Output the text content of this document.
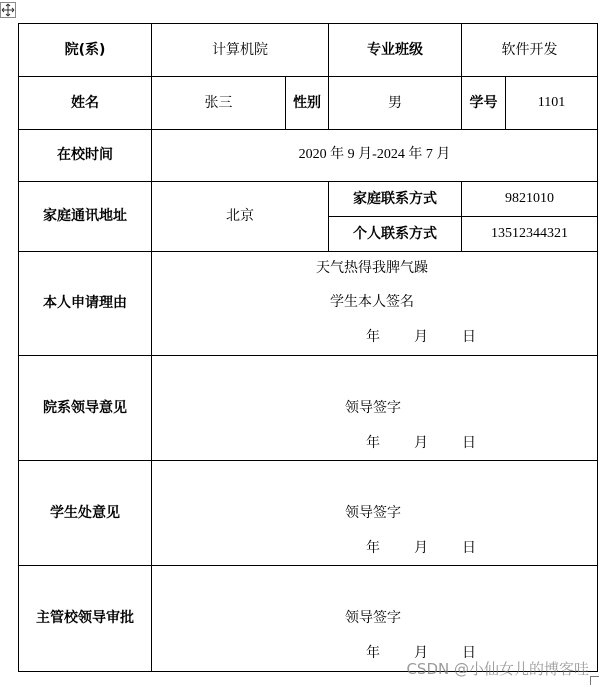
院(系)	计算机院		专业班级	软件开发	
姓名	张三	性别	男	学号	1101
在校时间	2020 年 9 月-2024 年 7 月				
家庭通讯地址	北京		家庭联系方式	9821010	
			个人联系方式	13512344321	
本人申请理由	天气热得我脾气躁
学生本人签名
年 月 日				

院系领导意见	领导签字
年 月 日				

学生处意见	领导签字
年 月 日				

主管校领导审批	领导签字
年 月 日				
CSDN @小仙女儿的博客哇
